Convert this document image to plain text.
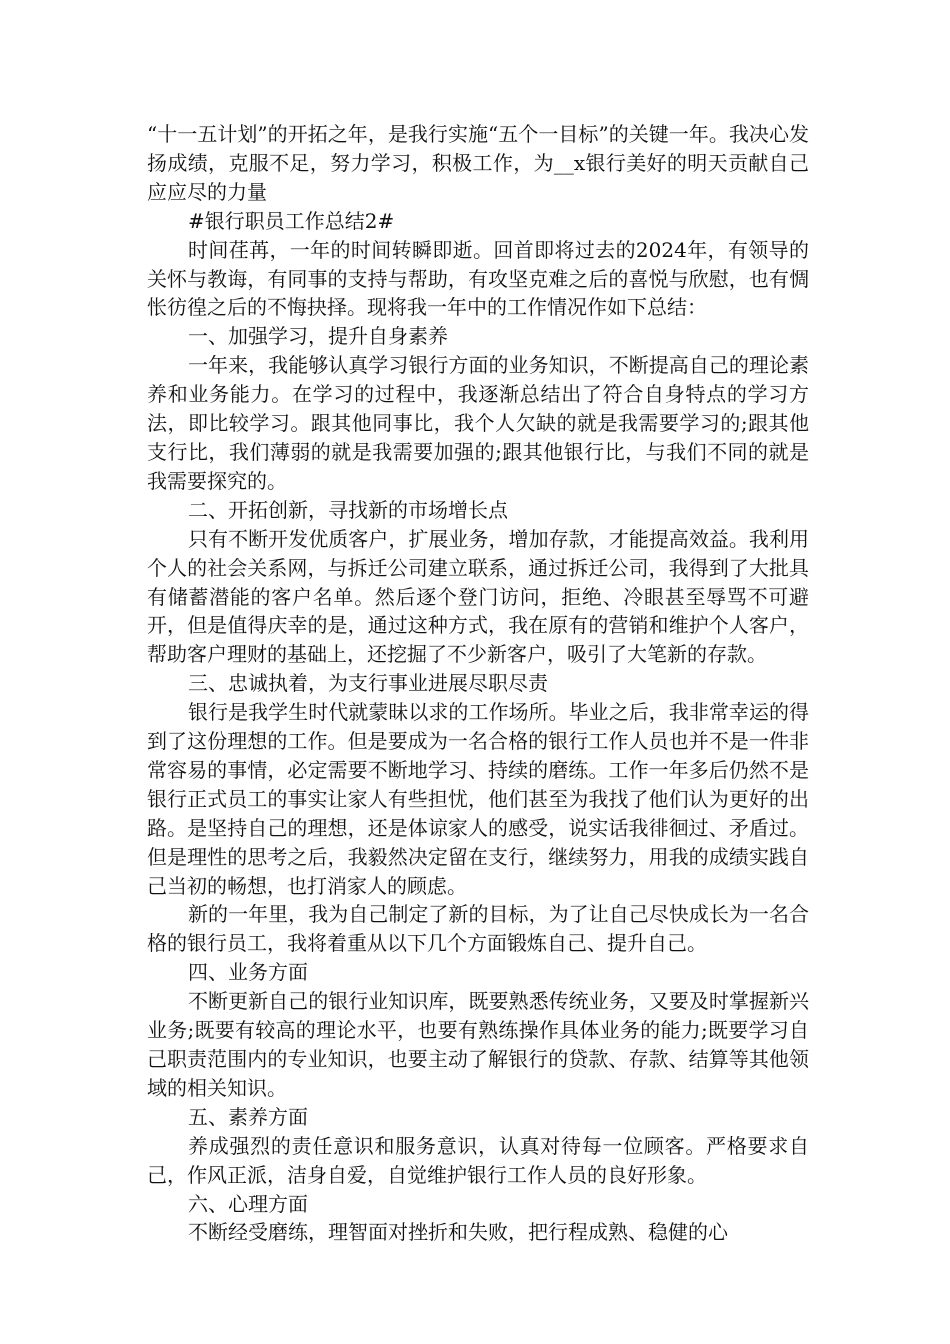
“十一五计划”的开拓之年，是我行实施“五个一目标”的关键一年。我决心发扬成绩，克服不足，努力学习，积极工作，为__x银行美好的明天贡献自己应应尽的力量

#银行职员工作总结2#

时间荏苒，一年的时间转瞬即逝。回首即将过去的2024年，有领导的关怀与教诲，有同事的支持与帮助，有攻坚克难之后的喜悦与欣慰，也有惆怅彷徨之后的不悔抉择。现将我一年中的工作情况作如下总结：

一、加强学习，提升自身素养

一年来，我能够认真学习银行方面的业务知识，不断提高自己的理论素养和业务能力。在学习的过程中，我逐渐总结出了符合自身特点的学习方法，即比较学习。跟其他同事比，我个人欠缺的就是我需要学习的;跟其他支行比，我们薄弱的就是我需要加强的;跟其他银行比，与我们不同的就是我需要探究的。

二、开拓创新，寻找新的市场增长点

只有不断开发优质客户，扩展业务，增加存款，才能提高效益。我利用个人的社会关系网，与拆迁公司建立联系，通过拆迁公司，我得到了大批具有储蓄潜能的客户名单。然后逐个登门访问，拒绝、冷眼甚至辱骂不可避开，但是值得庆幸的是，通过这种方式，我在原有的营销和维护个人客户，帮助客户理财的基础上，还挖掘了不少新客户，吸引了大笔新的存款。

三、忠诚执着，为支行事业进展尽职尽责

银行是我学生时代就蒙昧以求的工作场所。毕业之后，我非常幸运的得到了这份理想的工作。但是要成为一名合格的银行工作人员也并不是一件非常容易的事情，必定需要不断地学习、持续的磨练。工作一年多后仍然不是银行正式员工的事实让家人有些担忧，他们甚至为我找了他们认为更好的出路。是坚持自己的理想，还是体谅家人的感受，说实话我徘徊过、矛盾过。但是理性的思考之后，我毅然决定留在支行，继续努力，用我的成绩实践自己当初的畅想，也打消家人的顾虑。

新的一年里，我为自己制定了新的目标，为了让自己尽快成长为一名合格的银行员工，我将着重从以下几个方面锻炼自己、提升自己。

四、业务方面

不断更新自己的银行业知识库，既要熟悉传统业务，又要及时掌握新兴业务;既要有较高的理论水平，也要有熟练操作具体业务的能力;既要学习自己职责范围内的专业知识，也要主动了解银行的贷款、存款、结算等其他领域的相关知识。

五、素养方面

养成强烈的责任意识和服务意识，认真对待每一位顾客。严格要求自己，作风正派，洁身自爱，自觉维护银行工作人员的良好形象。

六、心理方面

不断经受磨练，理智面对挫折和失败，把行程成熟、稳健的心
